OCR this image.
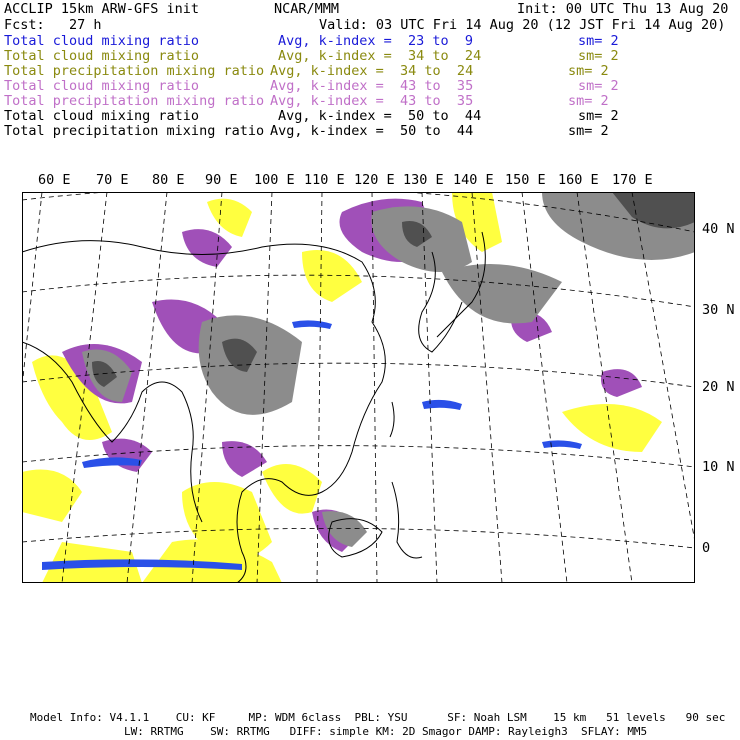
ACCLIP 15km ARW-GFS init	NCAR/MMM	Init: 00 UTC Thu 13 Aug 20
Fcst:   27 h	Valid: 03 UTC Fri 14 Aug 20 (12 JST Fri 14 Aug 20)
Total cloud mixing ratio	Avg, k-index =  23 to  9	sm= 2
Total cloud mixing ratio	Avg, k-index =  34 to  24	sm= 2
Total precipitation mixing ratio Avg, k-index =  34 to  24	sm= 2
Total cloud mixing ratio	Avg, k-index =  43 to  35	sm= 2
Total precipitation mixing ratio Avg, k-index =  43 to  35	sm= 2
Total cloud mixing ratio	Avg, k-index =  50 to  44	sm= 2
Total precipitation mixing ratio Avg, k-index =  50 to  44	sm= 2
60 E 70 E 80 E 90 E 100 E 110 E 120 E 130 E 140 E 150 E 160 E 170 E
40 N
30 N
20 N
10 N
0
Model Info: V4.1.1    CU: KF     MP: WDM 6class  PBL: YSU      SF: Noah LSM    15 km   51 levels   90 sec
LW: RRTMG    SW: RRTMG   DIFF: simple KM: 2D Smagor DAMP: Rayleigh3  SFLAY: MM5
